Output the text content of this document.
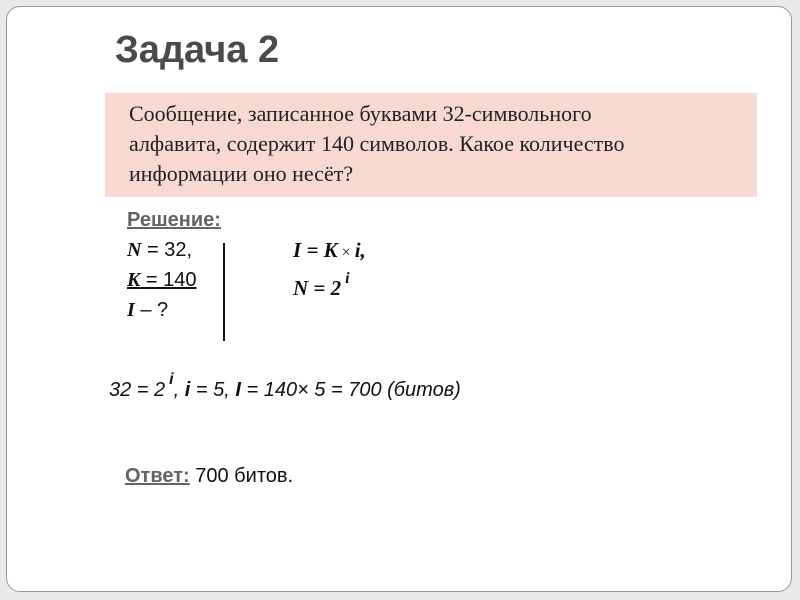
Задача 2
Сообщение, записанное буквами 32-символьного
алфавита, содержит 140 символов. Какое количество
информации оно несёт?
Решение:
N = 32,
K = 140
I – ?
I = K × i,
N = 2 $^i$
32 = 2 $^i$, i = 5, I = 140× 5 = 700 (битов)
Ответ: 700 битов.
